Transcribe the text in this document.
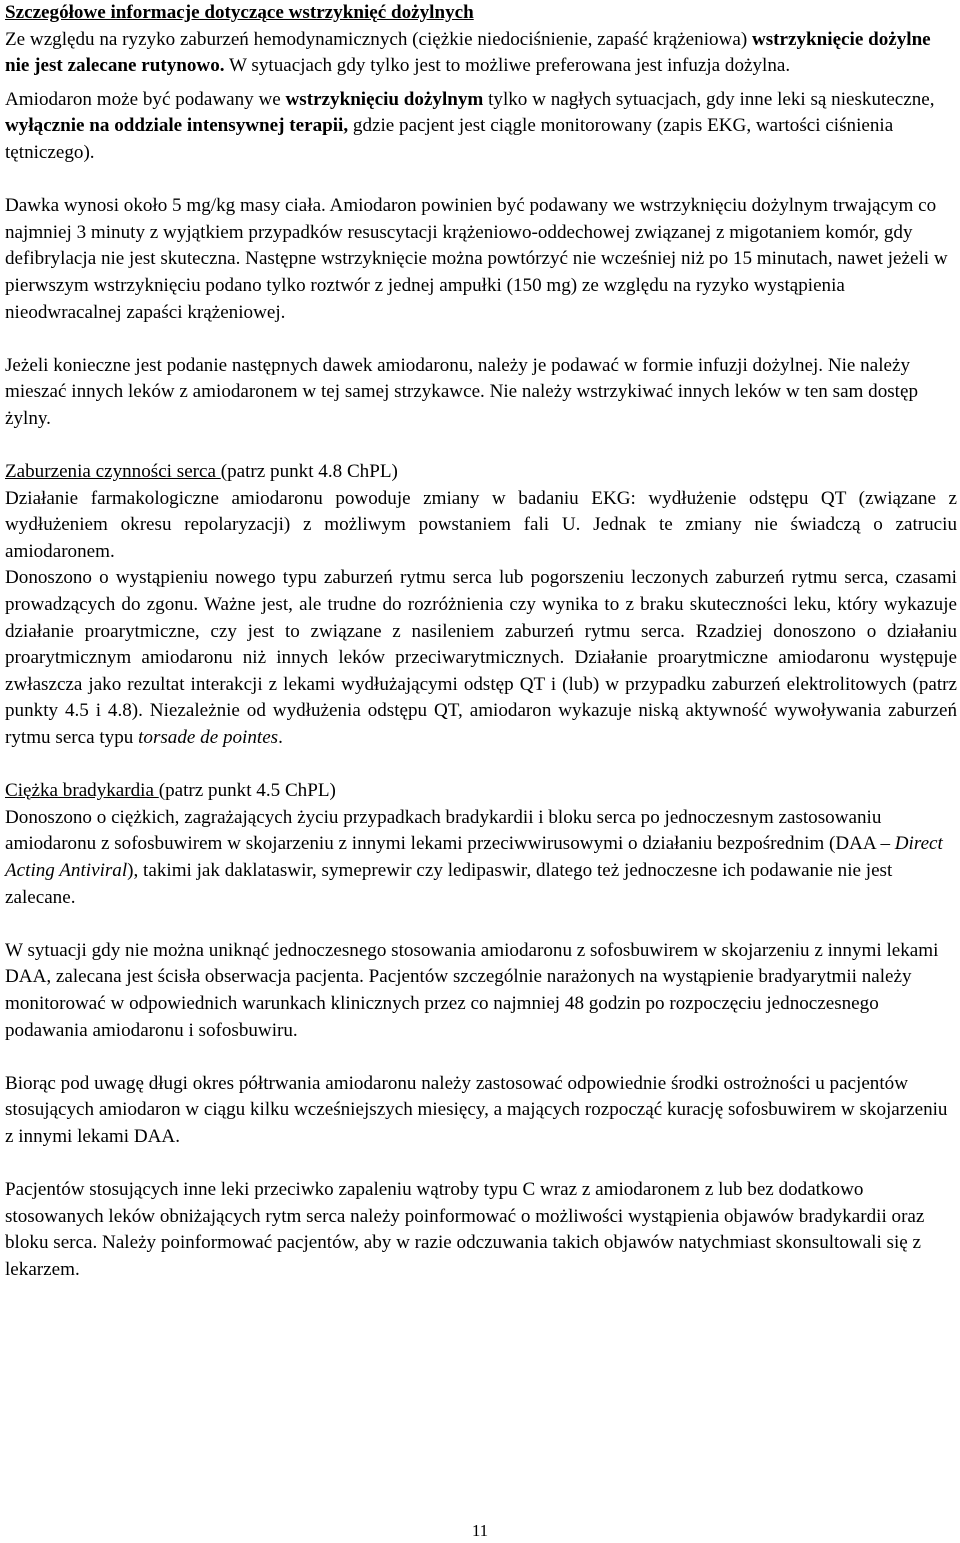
Szczegółowe informacje dotyczące wstrzyknięć dożylnych

Ze względu na ryzyko zaburzeń hemodynamicznych (ciężkie niedociśnienie, zapaść krążeniowa) wstrzyknięcie dożylne nie jest zalecane rutynowo. W sytuacjach gdy tylko jest to możliwe preferowana jest infuzja dożylna.

Amiodaron może być podawany we wstrzyknięciu dożylnym tylko w nagłych sytuacjach, gdy inne leki są nieskuteczne, wyłącznie na oddziale intensywnej terapii, gdzie pacjent jest ciągle monitorowany (zapis EKG, wartości ciśnienia tętniczego).

Dawka wynosi około 5 mg/kg masy ciała. Amiodaron powinien być podawany we wstrzyknięciu dożylnym trwającym co najmniej 3 minuty z wyjątkiem przypadków resuscytacji krążeniowo-oddechowej związanej z migotaniem komór, gdy defibrylacja nie jest skuteczna. Następne wstrzyknięcie można powtórzyć nie wcześniej niż po 15 minutach, nawet jeżeli w pierwszym wstrzyknięciu podano tylko roztwór z jednej ampułki (150 mg) ze względu na ryzyko wystąpienia nieodwracalnej zapaści krążeniowej.

Jeżeli konieczne jest podanie następnych dawek amiodaronu, należy je podawać w formie infuzji dożylnej. Nie należy mieszać innych leków z amiodaronem w tej samej strzykawce. Nie należy wstrzykiwać innych leków w ten sam dostęp żylny.

Zaburzenia czynności serca (patrz punkt 4.8 ChPL)

Działanie farmakologiczne amiodaronu powoduje zmiany w badaniu EKG: wydłużenie odstępu QT (związane z wydłużeniem okresu repolaryzacji) z możliwym powstaniem fali U. Jednak te zmiany nie świadczą o zatruciu amiodaronem.

Donoszono o wystąpieniu nowego typu zaburzeń rytmu serca lub pogorszeniu leczonych zaburzeń rytmu serca, czasami prowadzących do zgonu. Ważne jest, ale trudne do rozróżnienia czy wynika to z braku skuteczności leku, który wykazuje działanie proarytmiczne, czy jest to związane z nasileniem zaburzeń rytmu serca. Rzadziej donoszono o działaniu proarytmicznym amiodaronu niż innych leków przeciwarytmicznych. Działanie proarytmiczne amiodaronu występuje zwłaszcza jako rezultat interakcji z lekami wydłużającymi odstęp QT i (lub) w przypadku zaburzeń elektrolitowych (patrz punkty 4.5 i 4.8). Niezależnie od wydłużenia odstępu QT, amiodaron wykazuje niską aktywność wywoływania zaburzeń rytmu serca typu torsade de pointes.

Ciężka bradykardia (patrz punkt 4.5 ChPL)

Donoszono o ciężkich, zagrażających życiu przypadkach bradykardii i bloku serca po jednoczesnym zastosowaniu amiodaronu z sofosbuwirem w skojarzeniu z innymi lekami przeciwwirusowymi o działaniu bezpośrednim (DAA – Direct Acting Antiviral), takimi jak daklataswir, symeprewir czy ledipaswir, dlatego też jednoczesne ich podawanie nie jest zalecane.

W sytuacji gdy nie można uniknąć jednoczesnego stosowania amiodaronu z sofosbuwirem w skojarzeniu z innymi lekami DAA, zalecana jest ścisła obserwacja pacjenta. Pacjentów szczególnie narażonych na wystąpienie bradyarytmii należy monitorować w odpowiednich warunkach klinicznych przez co najmniej 48 godzin po rozpoczęciu jednoczesnego podawania amiodaronu i sofosbuwiru.

Biorąc pod uwagę długi okres półtrwania amiodaronu należy zastosować odpowiednie środki ostrożności u pacjentów stosujących amiodaron w ciągu kilku wcześniejszych miesięcy, a mających rozpocząć kurację sofosbuwirem w skojarzeniu z innymi lekami DAA.

Pacjentów stosujących inne leki przeciwko zapaleniu wątroby typu C wraz z amiodaronem z lub bez dodatkowo stosowanych leków obniżających rytm serca należy poinformować o możliwości wystąpienia objawów bradykardii oraz bloku serca. Należy poinformować pacjentów, aby w razie odczuwania takich objawów natychmiast skonsultowali się z lekarzem.

11
